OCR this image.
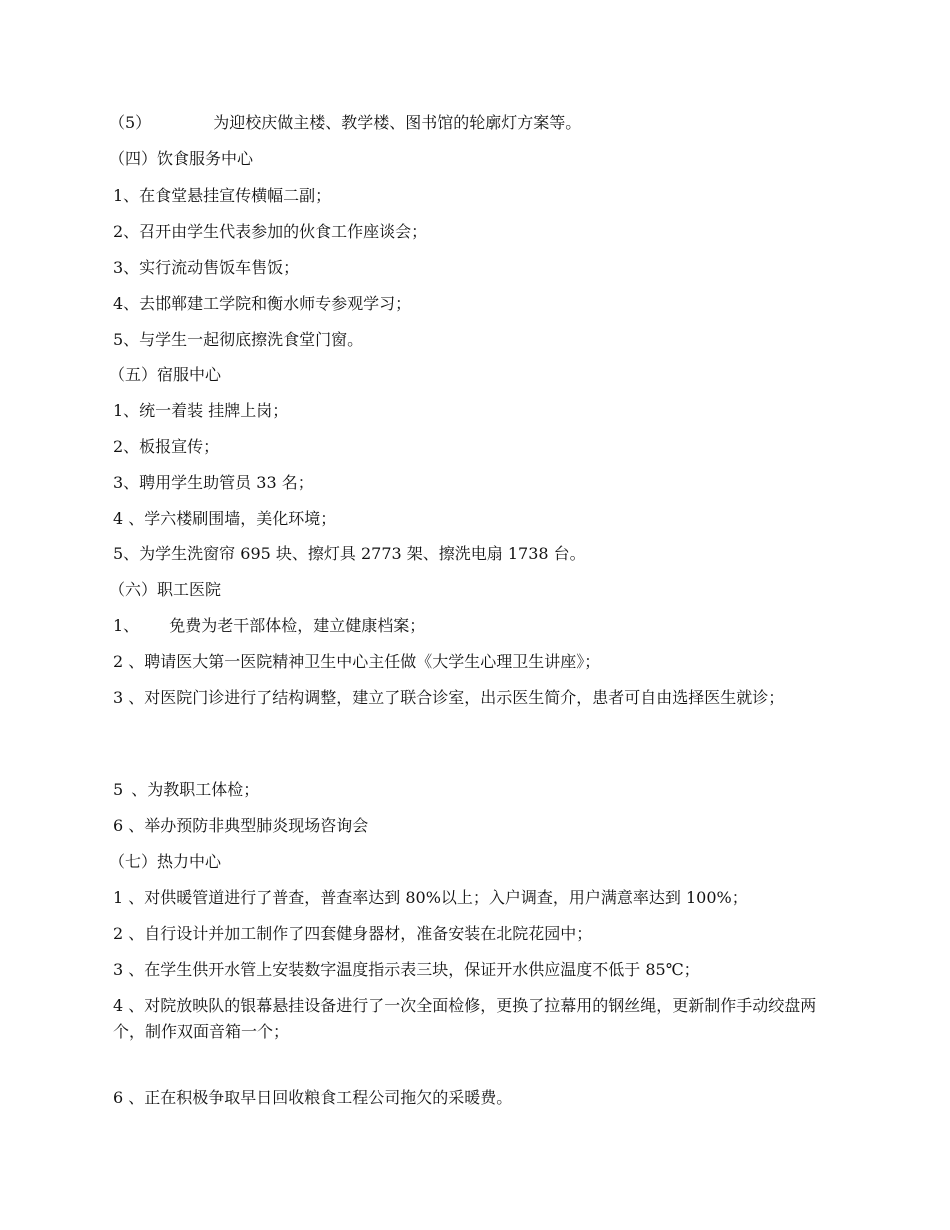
（5）	为迎校庆做主楼、教学楼、图书馆的轮廓灯方案等。
（四）饮食服务中心
1、在食堂悬挂宣传横幅二副；
2、召开由学生代表参加的伙食工作座谈会；
3、实行流动售饭车售饭；
4、去邯郸建工学院和衡水师专参观学习；
5、与学生一起彻底擦洗食堂门窗。
（五）宿服中心
1、统一着装 挂牌上岗；
2、板报宣传；
3、聘用学生助管员 33 名；
4 、学六楼刷围墙，美化环境；
5、为学生洗窗帘 695 块、擦灯具 2773 架、擦洗电扇 1738 台。
（六）职工医院
1、 免费为老干部体检，建立健康档案；
2 、聘请医大第一医院精神卫生中心主任做《大学生心理卫生讲座》；
3 、对医院门诊进行了结构调整，建立了联合诊室，出示医生简介，患者可自由选择医生就诊；
5 、为教职工体检；
6 、举办预防非典型肺炎现场咨询会
（七）热力中心
1 、对供暖管道进行了普查，普查率达到 80%以上；入户调查，用户满意率达到 100%；
2 、自行设计并加工制作了四套健身器材，准备安装在北院花园中；
3 、在学生供开水管上安装数字温度指示表三块，保证开水供应温度不低于 85℃；
4 、对院放映队的银幕悬挂设备进行了一次全面检修，更换了拉幕用的钢丝绳，更新制作手动绞盘两个，制作双面音箱一个；
6 、正在积极争取早日回收粮食工程公司拖欠的采暖费。
